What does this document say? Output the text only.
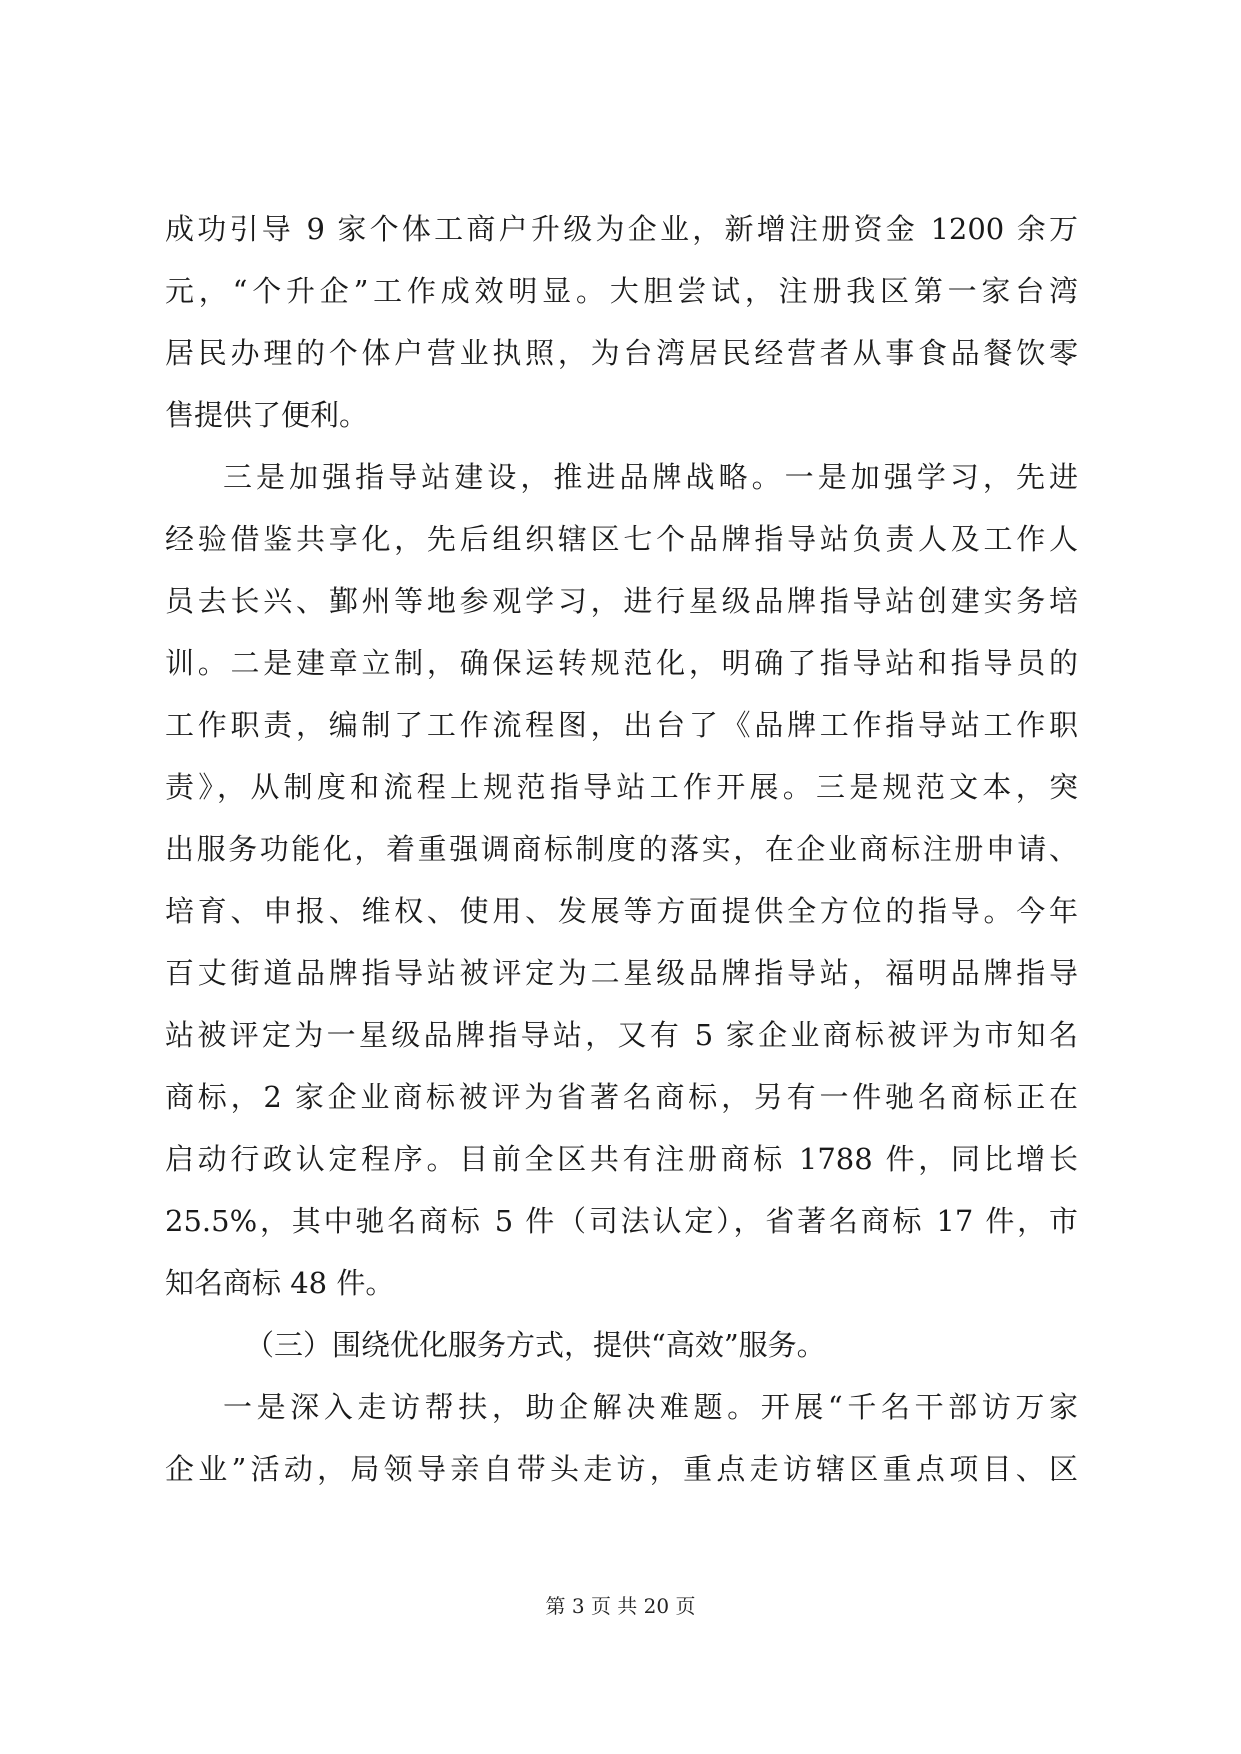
成功引导 9 家个体工商户升级为企业，新增注册资金 1200 余万
元，“个升企”工作成效明显。大胆尝试，注册我区第一家台湾
居民办理的个体户营业执照，为台湾居民经营者从事食品餐饮零
售提供了便利。
三是加强指导站建设，推进品牌战略。一是加强学习，先进
经验借鉴共享化，先后组织辖区七个品牌指导站负责人及工作人
员去长兴、鄞州等地参观学习，进行星级品牌指导站创建实务培
训。二是建章立制，确保运转规范化，明确了指导站和指导员的
工作职责，编制了工作流程图，出台了《品牌工作指导站工作职
责》，从制度和流程上规范指导站工作开展。三是规范文本，突
出服务功能化，着重强调商标制度的落实，在企业商标注册申请、
培育、申报、维权、使用、发展等方面提供全方位的指导。今年
百丈街道品牌指导站被评定为二星级品牌指导站，福明品牌指导
站被评定为一星级品牌指导站，又有 5 家企业商标被评为市知名
商标，2 家企业商标被评为省著名商标，另有一件驰名商标正在
启动行政认定程序。目前全区共有注册商标 1788 件，同比增长
25.5%，其中驰名商标 5 件（司法认定），省著名商标 17 件，市
知名商标 48 件。
（三）围绕优化服务方式，提供“高效”服务。
一是深入走访帮扶，助企解决难题。开展“千名干部访万家
企业”活动，局领导亲自带头走访，重点走访辖区重点项目、区
第 3 页 共 20 页
